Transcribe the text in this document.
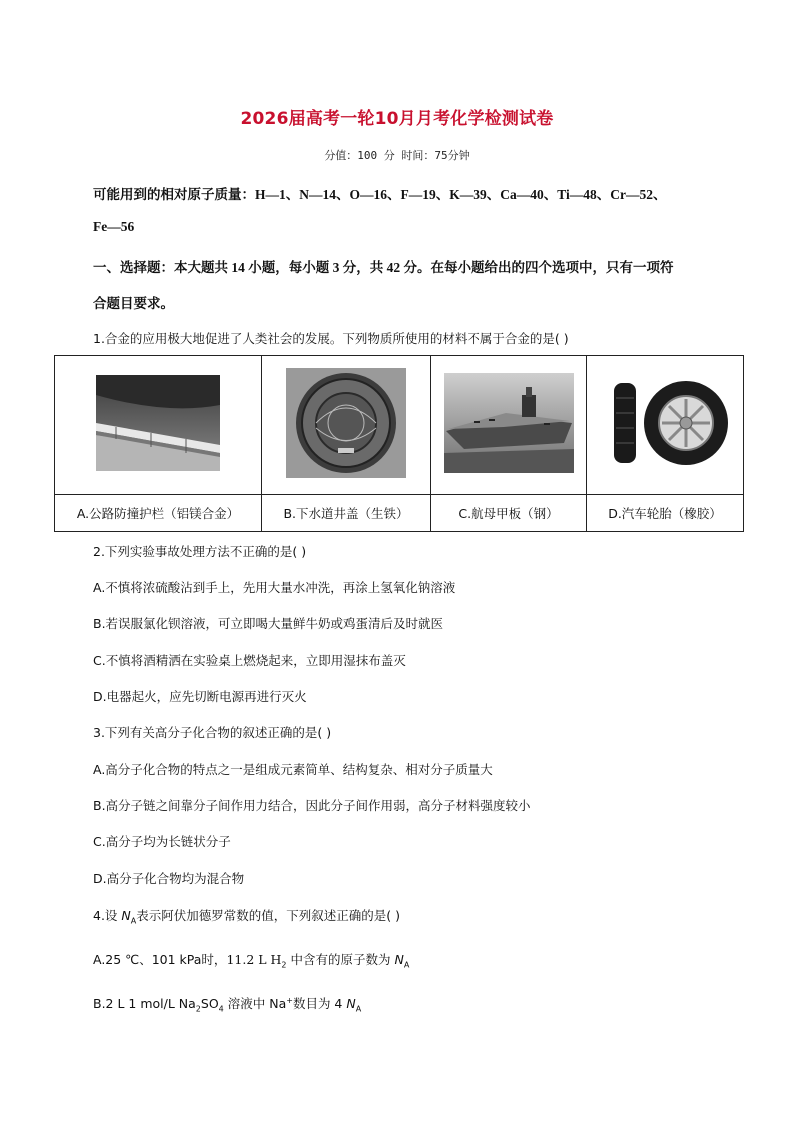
2026届高考一轮10月月考化学检测试卷
分值：100 分 时间：75分钟
可能用到的相对原子质量：H—1、N—14、O—16、F—19、K—39、Ca—40、Ti—48、Cr—52、
Fe—56
一、选择题：本大题共 14 小题，每小题 3 分，共 42 分。在每小题给出的四个选项中，只有一项符
合题目要求。
1.合金的应用极大地促进了人类社会的发展。下列物质所使用的材料不属于合金的是( )

A.公路防撞护栏（铝镁合金）	B.下水道井盖（生铁）	C.航母甲板（钢）	D.汽车轮胎（橡胶）
2.下列实验事故处理方法不正确的是( )
A.不慎将浓硫酸沾到手上，先用大量水冲洗，再涂上氢氧化钠溶液
B.若误服氯化钡溶液，可立即喝大量鲜牛奶或鸡蛋清后及时就医
C.不慎将酒精洒在实验桌上燃烧起来，立即用湿抹布盖灭
D.电器起火，应先切断电源再进行灭火
3.下列有关高分子化合物的叙述正确的是( )
A.高分子化合物的特点之一是组成元素简单、结构复杂、相对分子质量大
B.高分子链之间靠分子间作用力结合，因此分子间作用弱，高分子材料强度较小
C.高分子均为长链状分子
D.高分子化合物均为混合物
4.设 $N_A$表示阿伏加德罗常数的值，下列叙述正确的是( )
A.25 ℃、101 kPa时，11.2 L $H_2$ 中含有的原子数为 $N_A$
B.2 L 1 mol/L $Na_2SO_4$ 溶液中 Na+数目为 4 $N_A$
